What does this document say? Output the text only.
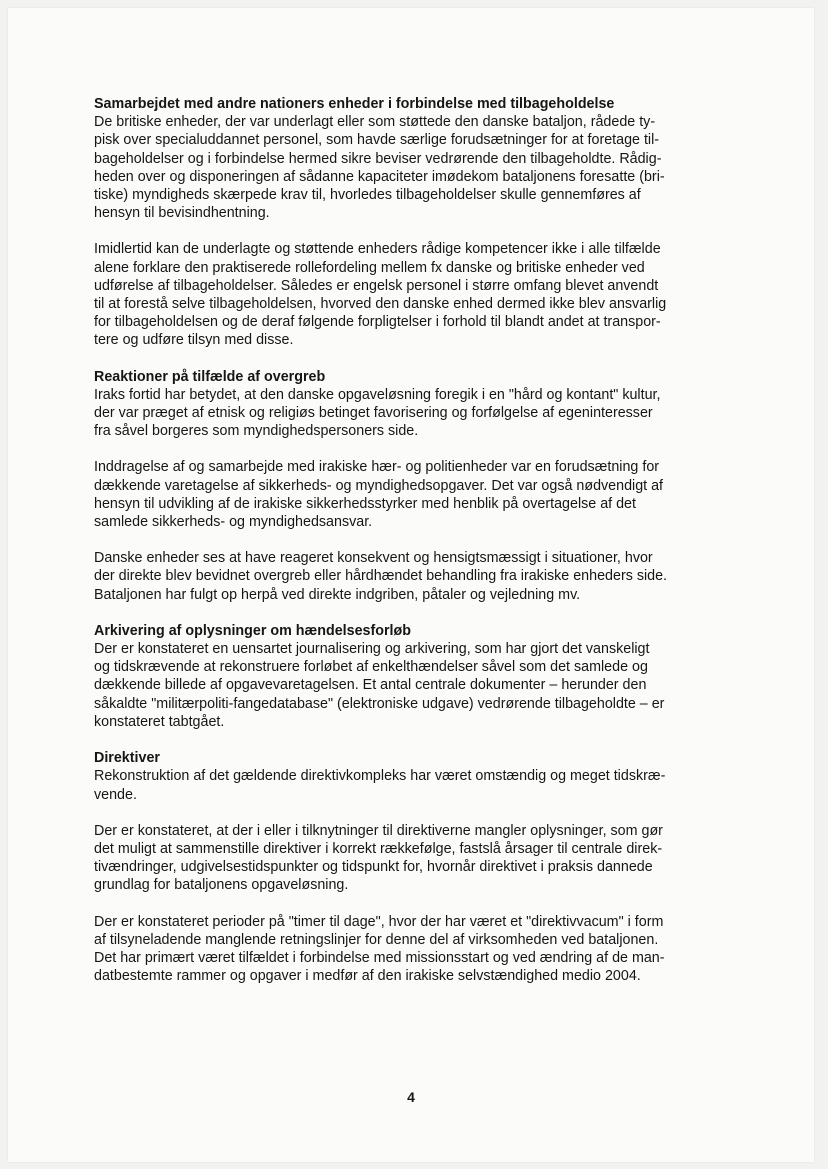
Samarbejdet med andre nationers enheder i forbindelse med tilbageholdelse

De britiske enheder, der var underlagt eller som støttede den danske bataljon, rådede ty-
pisk over specialuddannet personel, som havde særlige forudsætninger for at foretage til-
bageholdelser og i forbindelse hermed sikre beviser vedrørende den tilbageholdte. Rådig-
heden over og disponeringen af sådanne kapaciteter imødekom bataljonens foresatte (bri-
tiske) myndigheds skærpede krav til, hvorledes tilbageholdelser skulle gennemføres af
hensyn til bevisindhentning.

Imidlertid kan de underlagte og støttende enheders rådige kompetencer ikke i alle tilfælde
alene forklare den praktiserede rollefordeling mellem fx danske og britiske enheder ved
udførelse af tilbageholdelser. Således er engelsk personel i større omfang blevet anvendt
til at forestå selve tilbageholdelsen, hvorved den danske enhed dermed ikke blev ansvarlig
for tilbageholdelsen og de deraf følgende forpligtelser i forhold til blandt andet at transpor-
tere og udføre tilsyn med disse.
Reaktioner på tilfælde af overgreb

Iraks fortid har betydet, at den danske opgaveløsning foregik i en "hård og kontant" kultur,
der var præget af etnisk og religiøs betinget favorisering og forfølgelse af egeninteresser
fra såvel borgeres som myndighedspersoners side.

Inddragelse af og samarbejde med irakiske hær- og politienheder var en forudsætning for
dækkende varetagelse af sikkerheds- og myndighedsopgaver. Det var også nødvendigt af
hensyn til udvikling af de irakiske sikkerhedsstyrker med henblik på overtagelse af det
samlede sikkerheds- og myndighedsansvar.
Danske enheder ses at have reageret konsekvent og hensigtsmæssigt i situationer, hvor
der direkte blev bevidnet overgreb eller hårdhændet behandling fra irakiske enheders side.
Bataljonen har fulgt op herpå ved direkte indgriben, påtaler og vejledning mv.
Arkivering af oplysninger om hændelsesforløb

Der er konstateret en uensartet journalisering og arkivering, som har gjort det vanskeligt
og tidskrævende at rekonstruere forløbet af enkelthændelser såvel som det samlede og
dækkende billede af opgavevaretagelsen. Et antal centrale dokumenter – herunder den
såkaldte "militærpoliti-fangedatabase" (elektroniske udgave) vedrørende tilbageholdte – er
konstateret tabtgået.

Direktiver

Rekonstruktion af det gældende direktivkompleks har været omstændig og meget tidskræ-
vende.

Der er konstateret, at der i eller i tilknytninger til direktiverne mangler oplysninger, som gør
det muligt at sammenstille direktiver i korrekt rækkefølge, fastslå årsager til centrale direk-
tivændringer, udgivelsestidspunkter og tidspunkt for, hvornår direktivet i praksis dannede
grundlag for bataljonens opgaveløsning.
Der er konstateret perioder på "timer til dage", hvor der har været et "direktivvacum" i form
af tilsyneladende manglende retningslinjer for denne del af virksomheden ved bataljonen.
Det har primært været tilfældet i forbindelse med missionsstart og ved ændring af de man-
datbestemte rammer og opgaver i medfør af den irakiske selvstændighed medio 2004.
4
